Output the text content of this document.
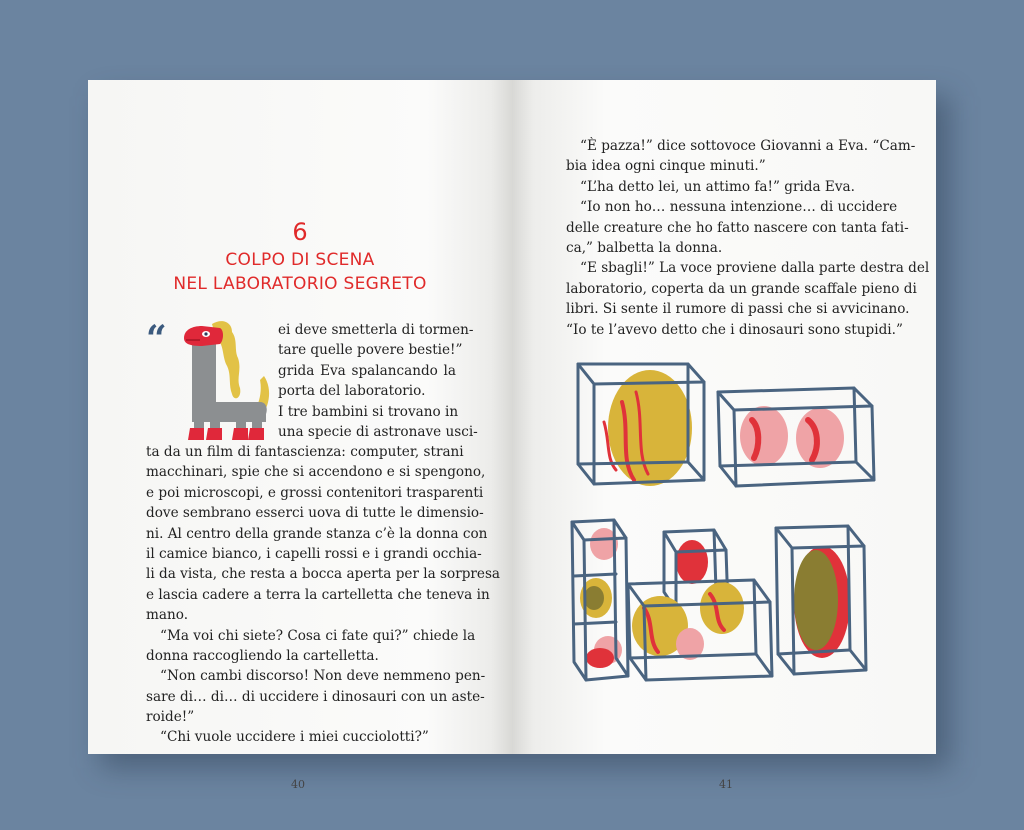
6
COLPO DI SCENA
NEL LABORATORIO SEGRETO
“	ei deve smetterla di tormen-
tare quelle povere bestie!”
grida Eva spalancando la
porta del laboratorio.
I tre bambini si trovano in
una specie di astronave usci-
ta da un film di fantascienza: computer, strani
macchinari, spie che si accendono e si spengono,
e poi microscopi, e grossi contenitori trasparenti
dove sembrano esserci uova di tutte le dimensio-
ni. Al centro della grande stanza c’è la donna con
il camice bianco, i capelli rossi e i grandi occhia-
li da vista, che resta a bocca aperta per la sorpresa
e lascia cadere a terra la cartelletta che teneva in
mano.
“Ma voi chi siete? Cosa ci fate qui?” chiede la
donna raccogliendo la cartelletta.
“Non cambi discorso! Non deve nemmeno pen-
sare di… di… di uccidere i dinosauri con un aste-
roide!”
“Chi vuole uccidere i miei cucciolotti?”
40
“È pazza!” dice sottovoce Giovanni a Eva. “Cam-
bia idea ogni cinque minuti.”
“L’ha detto lei, un attimo fa!” grida Eva.
“Io non ho… nessuna intenzione… di uccidere
delle creature che ho fatto nascere con tanta fati-
ca,” balbetta la donna.
“E sbagli!” La voce proviene dalla parte destra del
laboratorio, coperta da un grande scaffale pieno di
libri. Si sente il rumore di passi che si avvicinano.
“Io te l’avevo detto che i dinosauri sono stupidi.”
41
